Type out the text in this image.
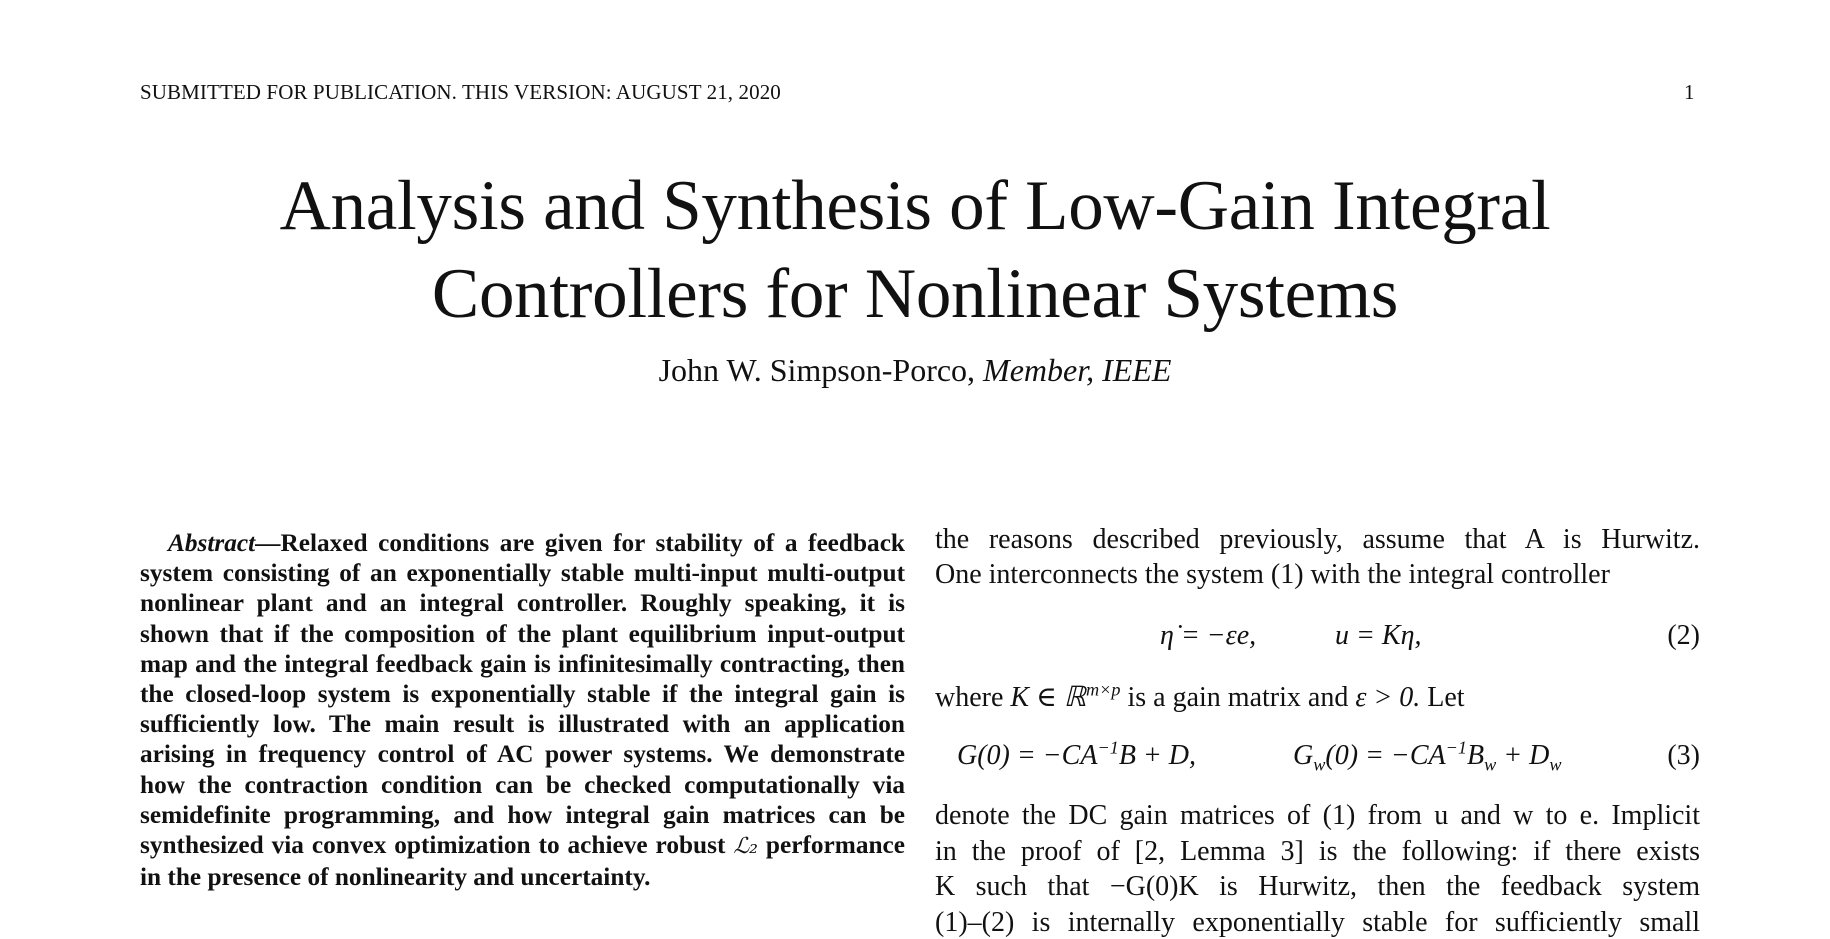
SUBMITTED FOR PUBLICATION. THIS VERSION: AUGUST 21, 2020	1
Analysis and Synthesis of Low-Gain Integral
Controllers for Nonlinear Systems
John W. Simpson-Porco, Member, IEEE
Abstract—Relaxed conditions are given for stability of a feedback system consisting of an exponentially stable multi-input multi-output nonlinear plant and an integral controller. Roughly speaking, it is shown that if the composition of the plant equilibrium input-output map and the integral feedback gain is infinitesimally contracting, then the closed-loop system is exponentially stable if the integral gain is sufficiently low. The main result is illustrated with an application arising in frequency control of AC power systems. We demonstrate how the contraction condition can be checked computationally via semidefinite programming, and how integral gain matrices can be synthesized via convex optimization to achieve robust ℒ₂ performance in the presence of nonlinearity and uncertainty.
the reasons described previously, assume that A is Hurwitz.
One interconnects the system (1) with the integral controller
η̇ = −εe,	u = Kη,	(2)
where K ∈ ℝ$^{m\times p}$ is a gain matrix and ε > 0. Let
$G(0) = -CA^{-1}B + D$,	$G_w(0) = -CA^{-1}B_w + D_w$	(3)
denote the DC gain matrices of (1) from u and w to e. Implicit
in the proof of [2, Lemma 3] is the following: if there exists
K such that −G(0)K is Hurwitz, then the feedback system
(1)–(2) is internally exponentially stable for sufficiently small
